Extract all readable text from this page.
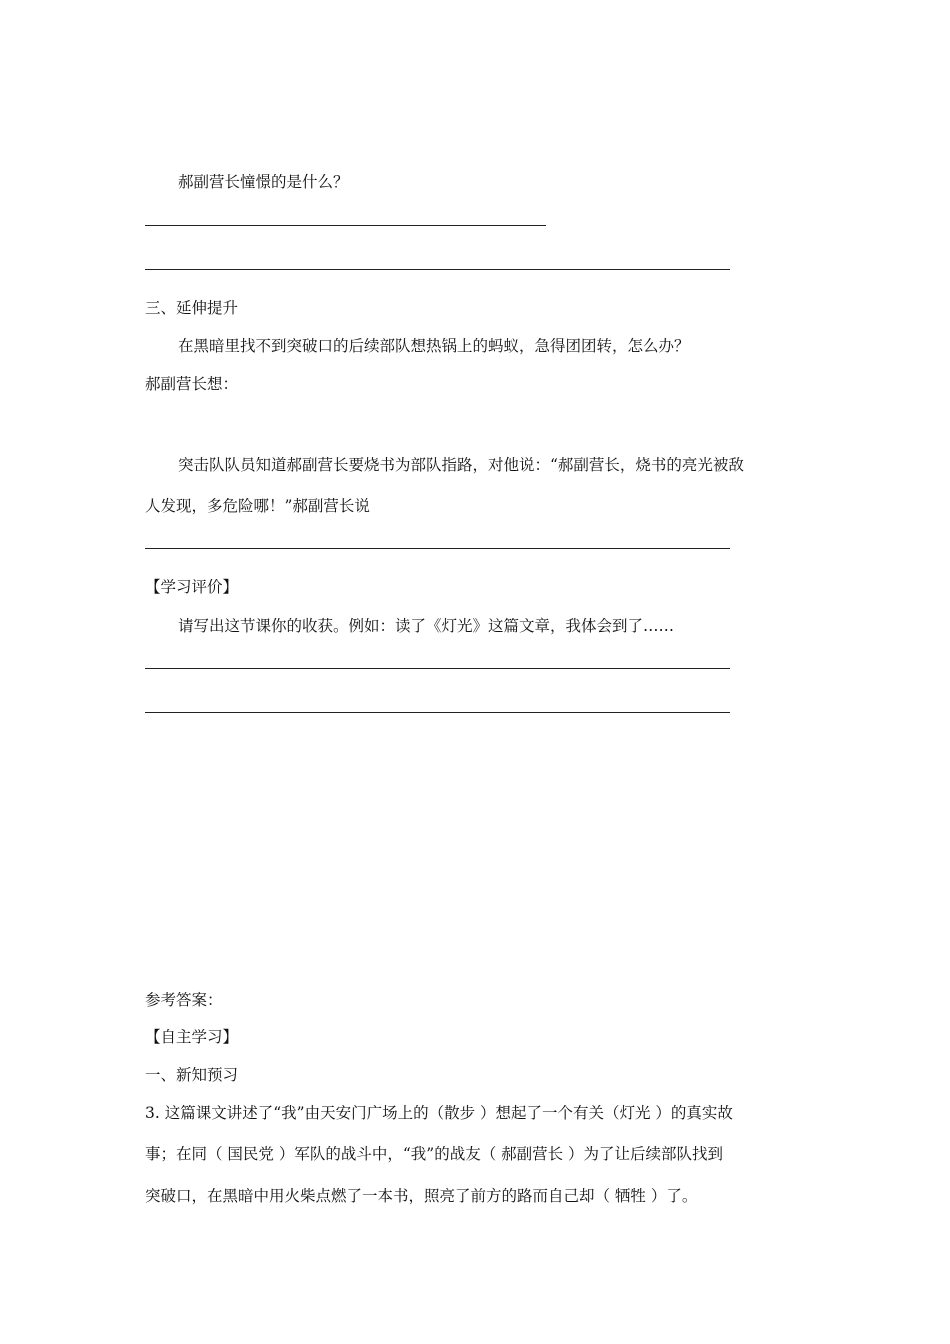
郝副营长憧憬的是什么？
三、延伸提升
在黑暗里找不到突破口的后续部队想热锅上的蚂蚁，急得团团转，怎么办？
郝副营长想：
突击队队员知道郝副营长要烧书为部队指路，对他说：“郝副营长，烧书的亮光被敌
人发现，多危险哪！”郝副营长说
【学习评价】
请写出这节课你的收获。例如：读了《灯光》这篇文章，我体会到了……
参考答案：
【自主学习】
一、新知预习
3. 这篇课文讲述了“我”由天安门广场上的（散步 ）想起了一个有关（灯光 ）的真实故
事；在同（ 国民党 ）军队的战斗中，“我”的战友（ 郝副营长 ）为了让后续部队找到
突破口，在黑暗中用火柴点燃了一本书，照亮了前方的路而自己却（ 牺牲 ）了。
